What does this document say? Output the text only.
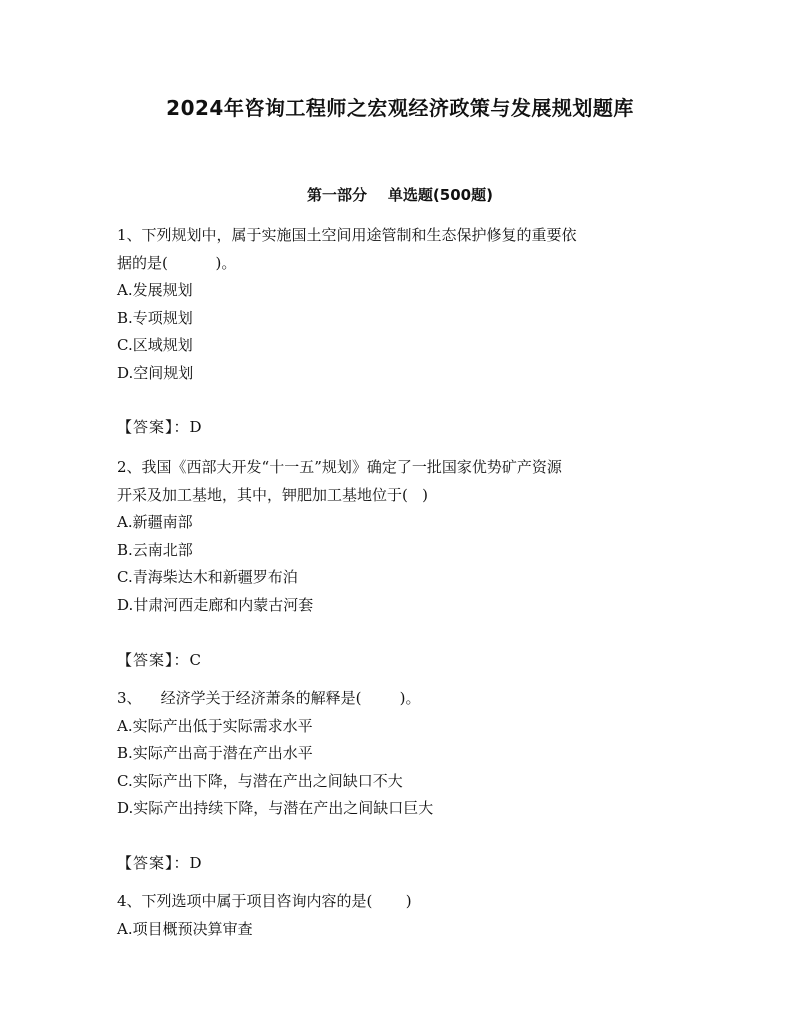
2024年咨询工程师之宏观经济政策与发展规划题库
第一部分    单选题(500题)
1、下列规划中，属于实施国土空间用途管制和生态保护修复的重要依
据的是(          )。
A.发展规划
B.专项规划
C.区域规划
D.空间规划
【答案】：D
2、我国《西部大开发“十一五”规划》确定了一批国家优势矿产资源
开采及加工基地，其中，钾肥加工基地位于(   )
A.新疆南部
B.云南北部
C.青海柴达木和新疆罗布泊
D.甘肃河西走廊和内蒙古河套
【答案】：C
3、    经济学关于经济萧条的解释是(        )。
A.实际产出低于实际需求水平
B.实际产出高于潜在产出水平
C.实际产出下降，与潜在产出之间缺口不大
D.实际产出持续下降，与潜在产出之间缺口巨大
【答案】：D
4、下列选项中属于项目咨询内容的是(       )
A.项目概预决算审查
